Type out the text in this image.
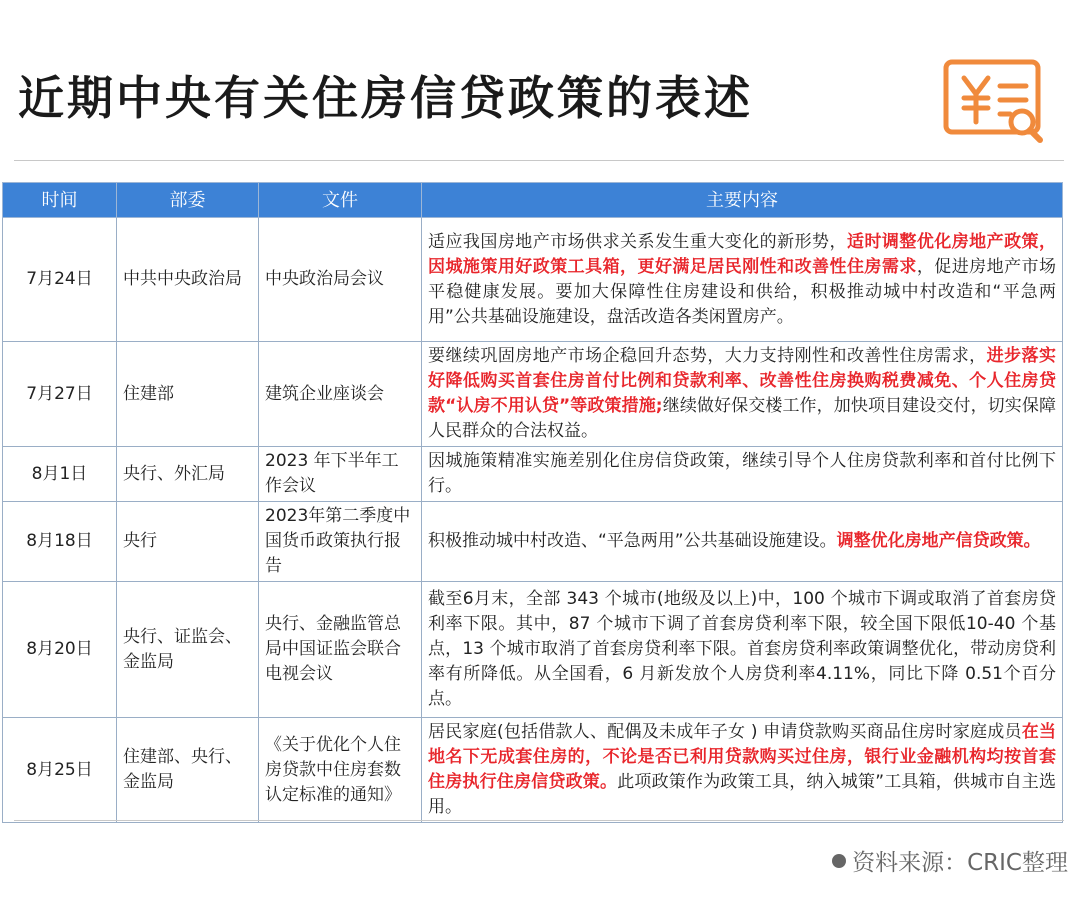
近期中央有关住房信贷政策的表述
时间	部委	文件	主要内容
7月24日	中共中央政治局	中央政治局会议	适应我国房地产市场供求关系发生重大变化的新形势，适时调整优化房地产政策，因城施策用好政策工具箱，更好满足居民刚性和改善性住房需求，促进房地产市场平稳健康发展。要加大保障性住房建设和供给，积极推动城中村改造和“平急两用”公共基础设施建设，盘活改造各类闲置房产。
7月27日	住建部	建筑企业座谈会	要继续巩固房地产市场企稳回升态势，大力支持刚性和改善性住房需求，进步落实好降低购买首套住房首付比例和贷款利率、改善性住房换购税费减免、个人住房贷款“认房不用认贷”等政策措施;继续做好保交楼工作，加快项目建设交付，切实保障人民群众的合法权益。
8月1日	央行、外汇局	2023 年下半年工作会议	因城施策精准实施差别化住房信贷政策，继续引导个人住房贷款利率和首付比例下行。
8月18日	央行	2023年第二季度中国货币政策执行报告	积极推动城中村改造、“平急两用”公共基础设施建设。调整优化房地产信贷政策。
8月20日	央行、证监会、金监局	央行、金融监管总局中国证监会联合电视会议	截至6月末，全部 343 个城市(地级及以上)中，100 个城市下调或取消了首套房贷利率下限。其中，87 个城市下调了首套房贷利率下限，较全国下限低10-40 个基点，13 个城市取消了首套房贷利率下限。首套房贷利率政策调整优化，带动房贷利率有所降低。从全国看，6 月新发放个人房贷利率4.11%，同比下降 0.51个百分点。
8月25日	住建部、央行、金监局	《关于优化个人住房贷款中住房套数认定标准的通知》	居民家庭(包括借款人、配偶及未成年子女 ) 申请贷款购买商品住房时家庭成员在当地名下无成套住房的，不论是否已利用贷款购买过住房，银行业金融机构均按首套住房执行住房信贷政策。此项政策作为政策工具，纳入城策”工具箱，供城市自主选用。
资料来源：CRIC整理
